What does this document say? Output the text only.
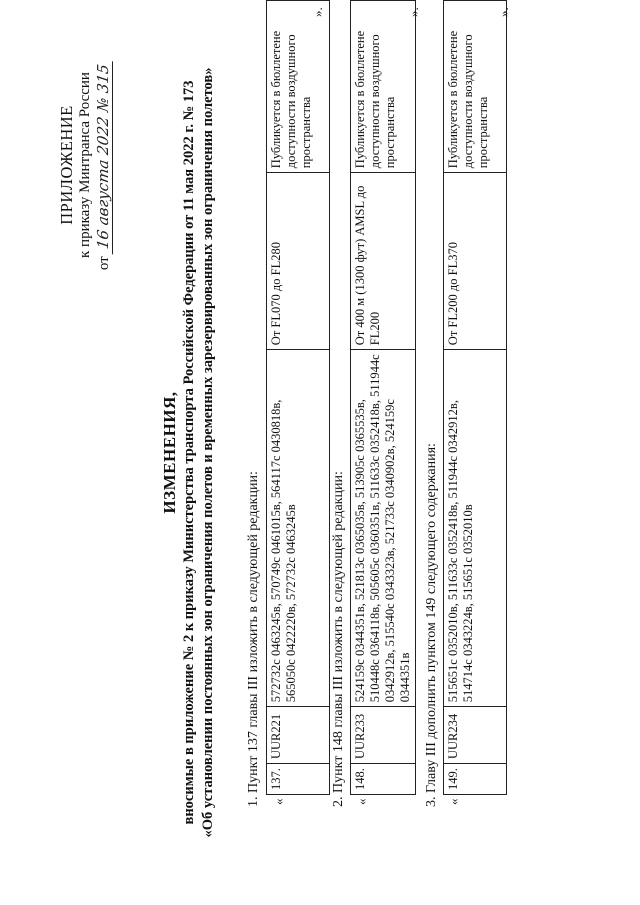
ПРИЛОЖЕНИЕ к приказу Минтранса России
от 16 августа 2022 № 315
ИЗМЕНЕНИЯ, вносимые в приложение № 2 к приказу Министерства транспорта Российской Федерации от 11 мая 2022 г. № 173 «Об установлении постоянных зон ограничения полетов и временных зарезервированных зон ограничения полетов» 1. Пункт 137 главы III изложить в следующей редакции: «
137.	UUR221	572732с 0463245в, 570749с 0461015в, 564117с 0430818в, 565050с 0422220в, 572732с 0463245в	От FL070 до FL280	Публикуется в бюллетене доступности воздушного пространства
».
2. Пункт 148 главы III изложить в следующей редакции: «
148.	UUR233	524159с 0344351в, 521813с 0365035в, 513905с 0365535в, 510448с 0364118в, 505605с 0360351в, 511633с 0352418в, 511944с 0342912в, 515540с 0343323в, 521733с 0340902в, 524159с 0344351в	От 400 м (1300 фут) AMSL до FL200	Публикуется в бюллетене доступности воздушного пространства
».
3. Главу III дополнить пунктом 149 следующего содержания: «
149.	UUR234	515651с 0352010в, 511633с 0352418в, 511944с 0342912в, 514714с 0343224в, 515651с 0352010в	От FL200 до FL370	Публикуется в бюллетене доступности воздушного пространства
».
